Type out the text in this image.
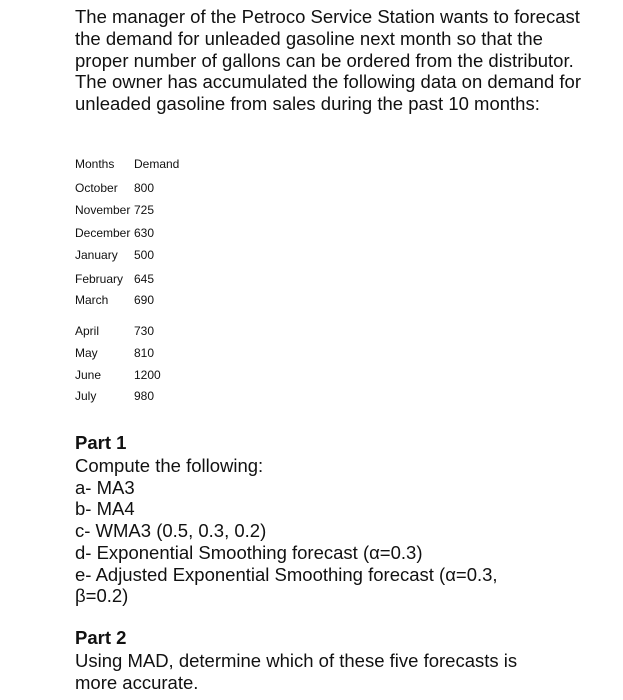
The manager of the Petroco Service Station wants to forecast the demand for unleaded gasoline next month so that the proper number of gallons can be ordered from the distributor. The owner has accumulated the following data on demand for unleaded gasoline from sales during the past 10 months:

Months Demand
October 800
November 725
December 630
January 500
February 645
March 690
April	730
May	810
June	1200
July	980

Part 1

Compute the following:
a- MA3
b- MA4
c- WMA3 (0.5, 0.3, 0.2)
d- Exponential Smoothing forecast (α=0.3)
e- Adjusted Exponential Smoothing forecast (α=0.3,
β=0.2)

Part 2

Using MAD, determine which of these five forecasts is
more accurate.
